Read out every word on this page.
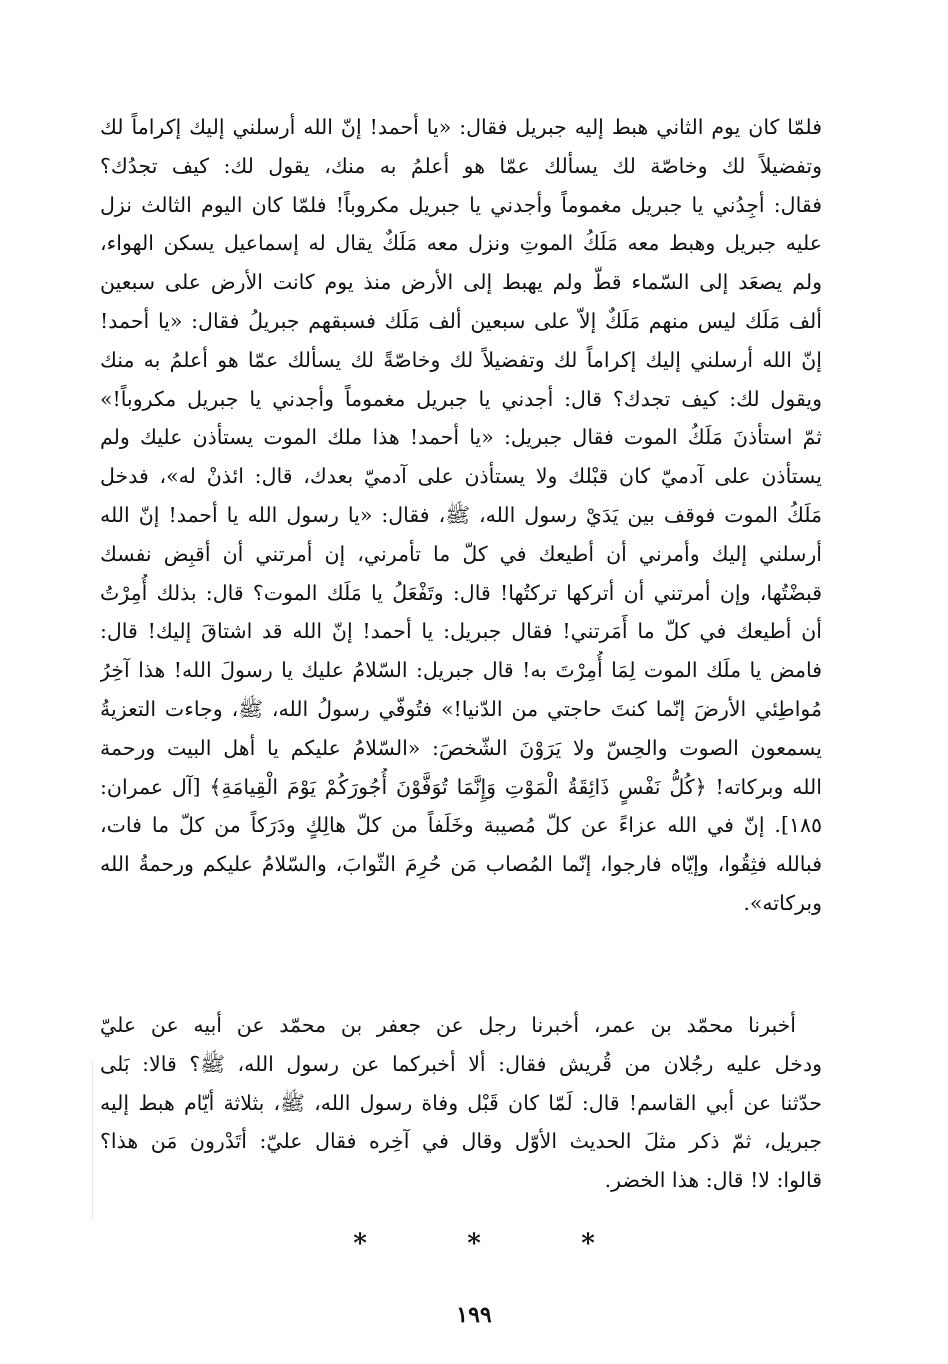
فلمّا كان يوم الثاني هبط إليه جبريل فقال: «يا أحمد! إنّ الله أرسلني إليك إكراماً لك
وتفضيلاً لك وخاصّة لك يسألك عمّا هو أعلمُ به منك، يقول لك: كيف تجدُك؟
فقال: أجِدُني يا جبريل مغموماً وأجدني يا جبريل مكروباً! فلمّا كان اليوم الثالث نزل
عليه جبريل وهبط معه مَلَكُ الموتِ ونزل معه مَلَكٌ يقال له إسماعيل يسكن الهواء،
ولم يصعَد إلى السّماء قطّ ولم يهبط إلى الأرض منذ يوم كانت الأرض على سبعين
ألف مَلَك ليس منهم مَلَكٌ إلاّ على سبعين ألف مَلَك فسبقهم جبريلُ فقال: «يا أحمد!
إنّ الله أرسلني إليك إكراماً لك وتفضيلاً لك وخاصّةً لك يسألك عمّا هو أعلمُ به منك
ويقول لك: كيف تجدك؟ قال: أجدني يا جبريل مغموماً وأجدني يا جبريل مكروباً!»
ثمّ استأذنَ مَلَكُ الموت فقال جبريل: «يا أحمد! هذا ملك الموت يستأذن عليك ولم
يستأذن على آدميّ كان قبْلك ولا يستأذن على آدميّ بعدك، قال: ائذنْ له»، فدخل
مَلَكُ الموت فوقف بين يَدَيْ رسول الله، ﷺ، فقال: «يا رسول الله يا أحمد! إنّ الله
أرسلني إليك وأمرني أن أطيعك في كلّ ما تأمرني، إن أمرتني أن أقبِض نفسك
قبضْتُها، وإن أمرتني أن أتركها تركتُها! قال: وتَفْعَلُ يا مَلَك الموت؟ قال: بذلك أُمِرْتُ
أن أطيعك في كلّ ما أَمَرتني! فقال جبريل: يا أحمد! إنّ الله قد اشتاقَ إليك! قال:
فامض يا ملَك الموت لِمَا أُمِرْتَ به! قال جبريل: السّلامُ عليك يا رسولَ الله! هذا آخِرُ
مُواطِئي الأرضَ إنّما كنتَ حاجتي من الدّنيا!» فتُوفّي رسولُ الله، ﷺ، وجاءت التعزيةُ
يسمعون الصوت والحِسّ ولا يَرَوْنَ الشّخصَ: «السّلامُ عليكم يا أهل البيت ورحمة
الله وبركاته! ﴿كُلُّ نَفْسٍ ذَائِقَةُ الْمَوْتِ وَإِنَّمَا تُوَفَّوْنَ أُجُورَكُمْ يَوْمَ الْقِيامَةِ﴾ [آل عمران:
١٨٥]. إنّ في الله عزاءً عن كلّ مُصيبة وخَلَفاً من كلّ هالِكٍ ودَرَكاً من كلّ ما فات،
فبالله فثِقُوا، وإيّاه فارجوا، إنّما المُصاب مَن حُرِمَ الثّوابَ، والسّلامُ عليكم ورحمةُ الله
وبركاته».
أخبرنا محمّد بن عمر، أخبرنا رجل عن جعفر بن محمّد عن أبيه عن عليّ
ودخل عليه رجُلان من قُريش فقال: ألا أخبركما عن رسول الله، ﷺ؟ قالا: بَلى
حدّثنا عن أبي القاسم! قال: لَمّا كان قَبْل وفاة رسول الله، ﷺ، بثلاثة أيّام هبط إليه
جبريل، ثمّ ذكر مثلَ الحديث الأوّل وقال في آخِره فقال عليّ: أتَدْرون مَن هذا؟
قالوا: لا! قال: هذا الخضر.
*	*	*
١٩٩
